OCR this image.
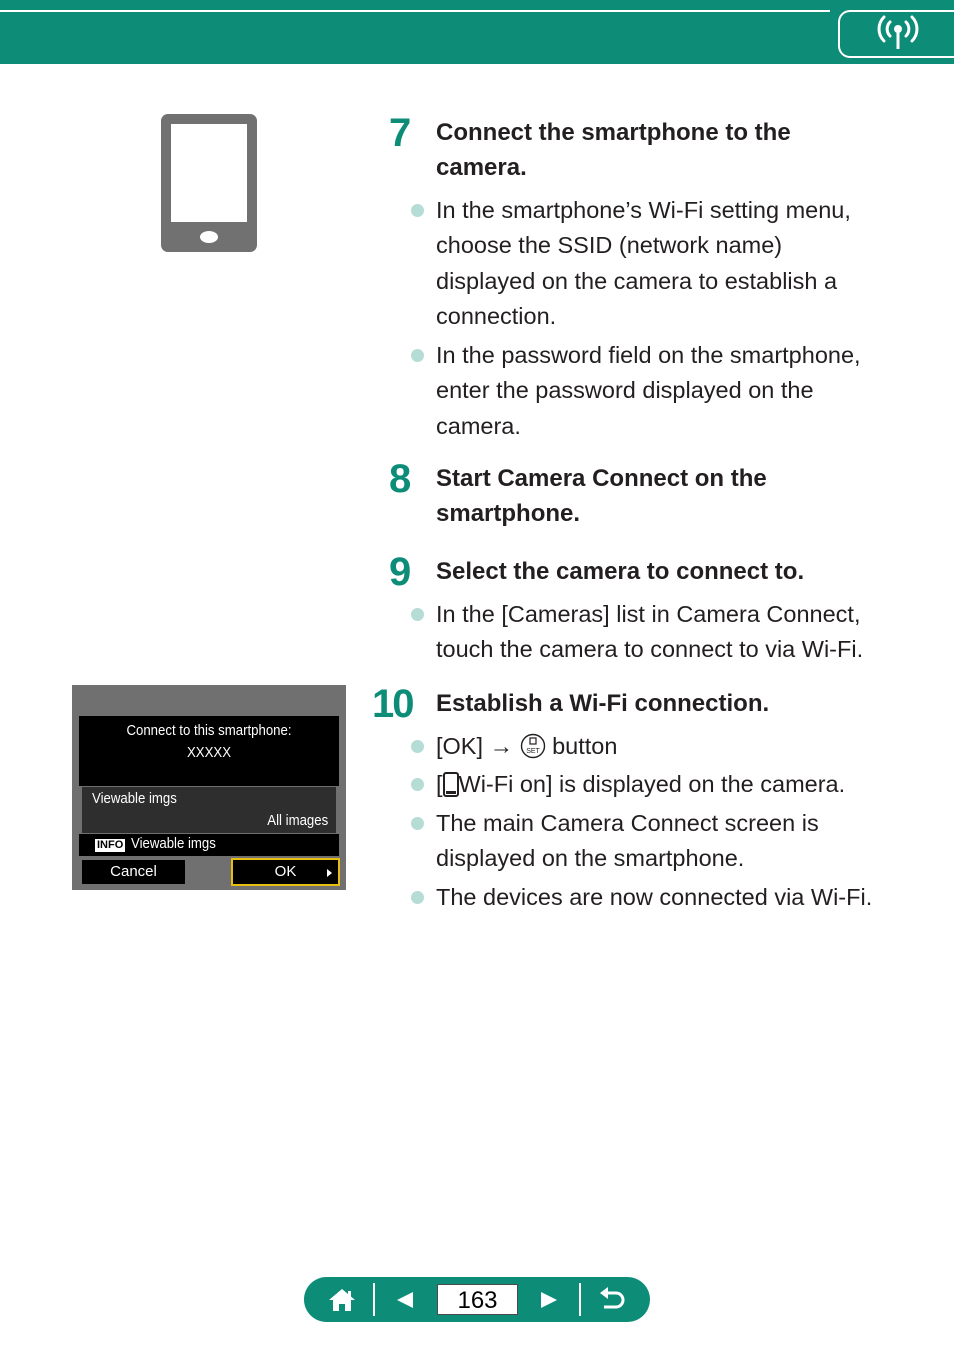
7 Connect the smartphone to the camera.
In the smartphone’s Wi-Fi setting menu, choose the SSID (network name) displayed on the camera to establish a connection.
In the password field on the smartphone, enter the password displayed on the camera.
8 Start Camera Connect on the smartphone.
9 Select the camera to connect to.
In the [Cameras] list in Camera Connect, touch the camera to connect to via Wi-Fi.
10 Establish a Wi-Fi connection.
[OK] → SET button
[ Wi-Fi on] is displayed on the camera.
The main Camera Connect screen is displayed on the smartphone.
The devices are now connected via Wi-Fi.
Connect to this smartphone:
XXXXX
Viewable imgs
All images
INFO Viewable imgs
Cancel	OK
163
